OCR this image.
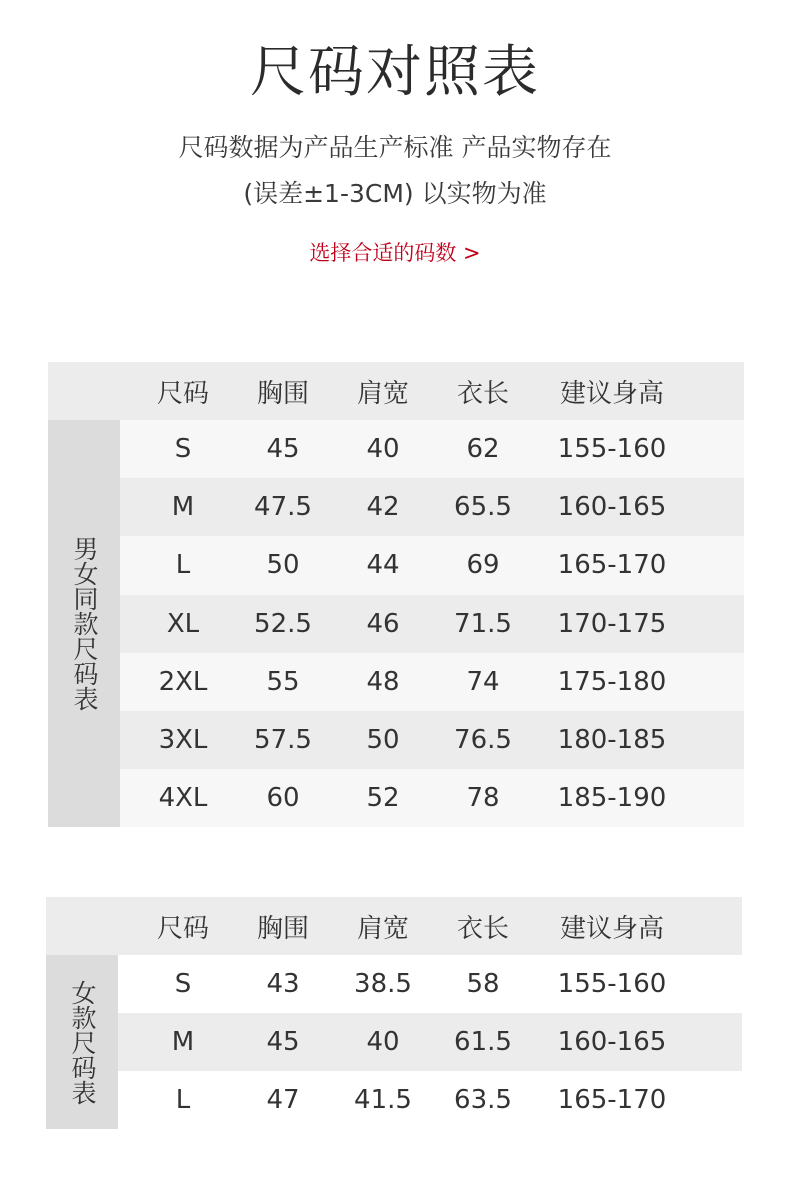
尺码对照表
尺码数据为产品生产标准 产品实物存在
(误差±1-3CM) 以实物为准
选择合适的码数 >
尺码	胸围	肩宽	衣长	建议身高
男女同款尺码表
S	45	40	62	155-160
M	47.5	42	65.5	160-165
L	50	44	69	165-170
XL	52.5	46	71.5	170-175
2XL	55	48	74	175-180
3XL	57.5	50	76.5	180-185
4XL	60	52	78	185-190
尺码	胸围	肩宽	衣长	建议身高
女款尺码表	S	43	38.5	58	155-160
M	45	40	61.5	160-165
L	47	41.5	63.5	165-170
